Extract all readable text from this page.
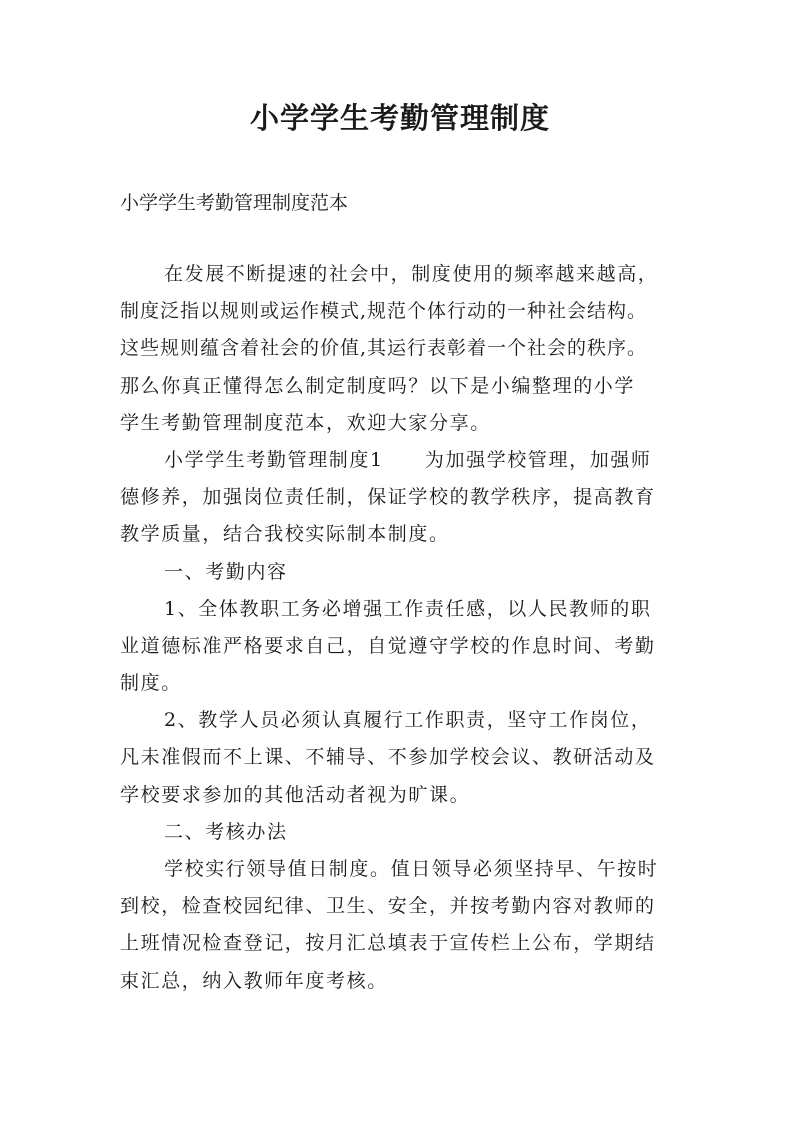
小学学生考勤管理制度

小学学生考勤管理制度范本

在发展不断提速的社会中，制度使用的频率越来越高，
制度泛指以规则或运作模式,规范个体行动的一种社会结构。
这些规则蕴含着社会的价值,其运行表彰着一个社会的秩序。
那么你真正懂得怎么制定制度吗？以下是小编整理的小学
学生考勤管理制度范本，欢迎大家分享。
小学学生考勤管理制度1　　为加强学校管理，加强师
德修养，加强岗位责任制，保证学校的教学秩序，提高教育
教学质量，结合我校实际制本制度。
一、考勤内容
1、全体教职工务必增强工作责任感，以人民教师的职
业道德标准严格要求自己，自觉遵守学校的作息时间、考勤
制度。
2、教学人员必须认真履行工作职责，坚守工作岗位，
凡未准假而不上课、不辅导、不参加学校会议、教研活动及
学校要求参加的其他活动者视为旷课。
二、考核办法
学校实行领导值日制度。值日领导必须坚持早、午按时
到校，检查校园纪律、卫生、安全，并按考勤内容对教师的
上班情况检查登记，按月汇总填表于宣传栏上公布，学期结
束汇总，纳入教师年度考核。
